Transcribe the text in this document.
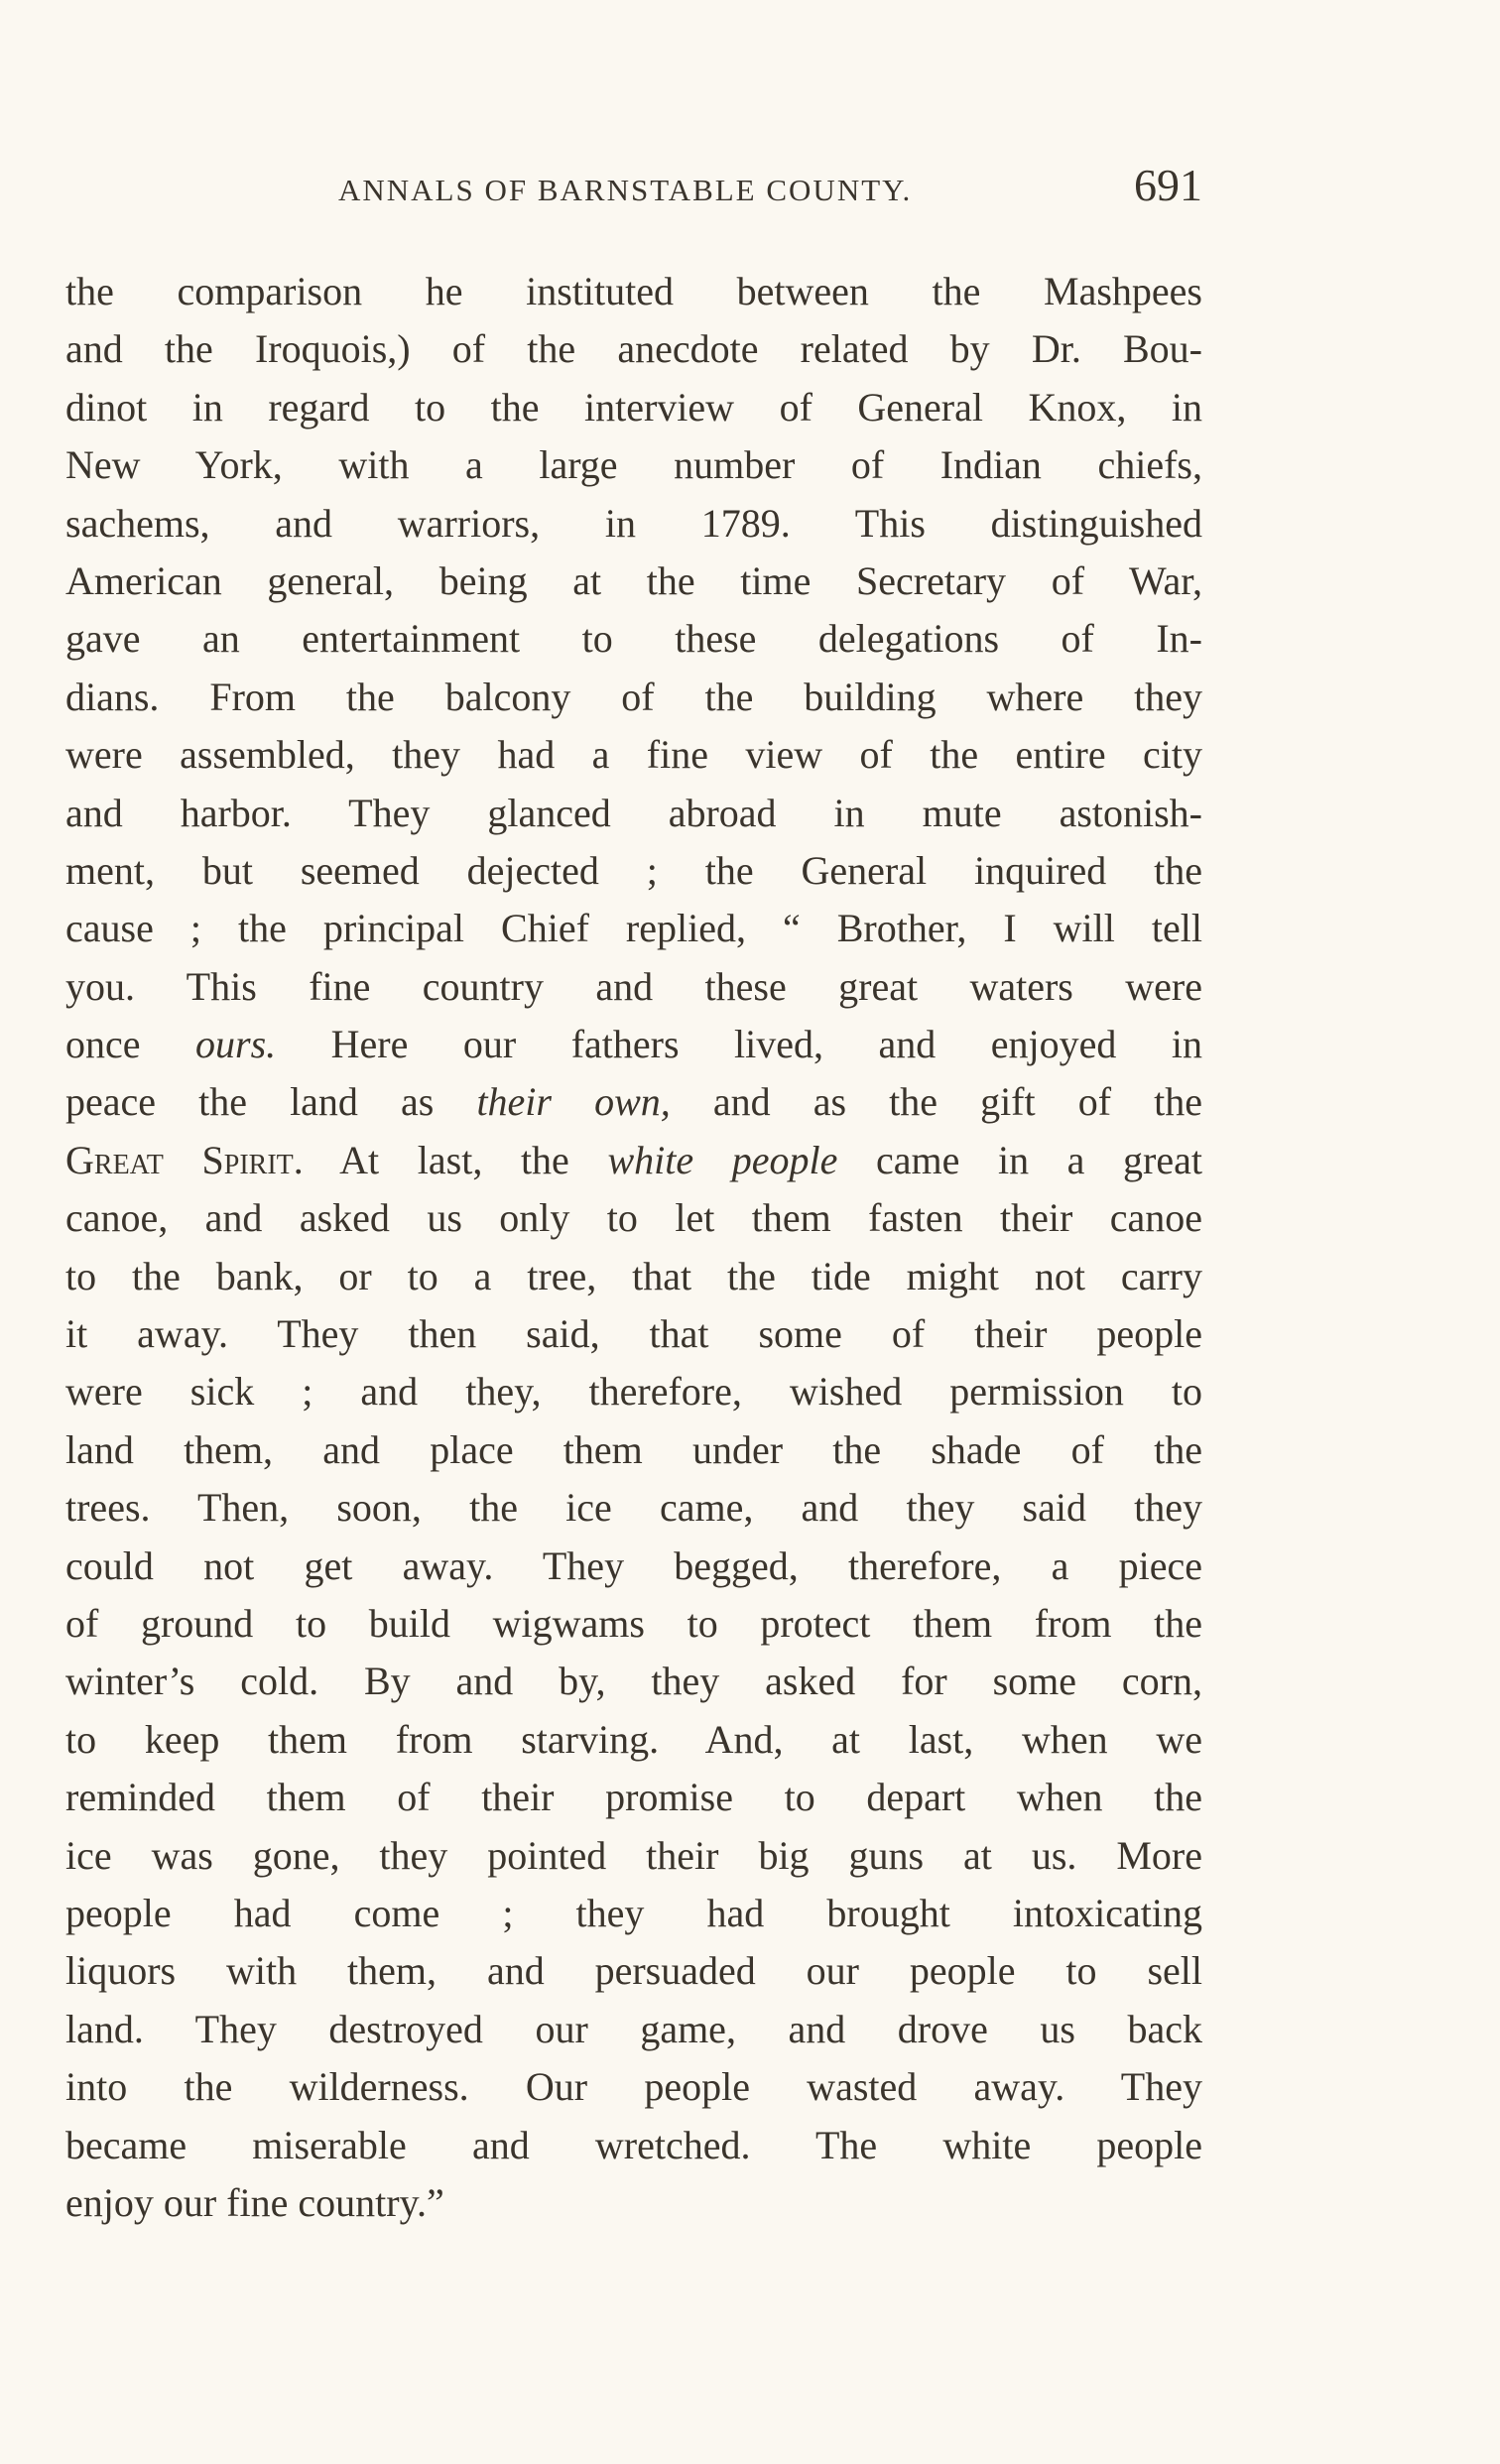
ANNALS OF BARNSTABLE COUNTY.	691
the comparison he instituted between the Mashpees
and the Iroquois,) of the anecdote related by Dr. Bou-
dinot in regard to the interview of General Knox, in
New York, with a large number of Indian chiefs,
sachems, and warriors, in 1789. This distinguished
American general, being at the time Secretary of War,
gave an entertainment to these delegations of In-
dians. From the balcony of the building where they
were assembled, they had a fine view of the entire city
and harbor. They glanced abroad in mute astonish-
ment, but seemed dejected ; the General inquired the
cause ; the principal Chief replied, “ Brother, I will tell
you. This fine country and these great waters were
once ours. Here our fathers lived, and enjoyed in
peace the land as their own, and as the gift of the
Great Spirit. At last, the white people came in a great
canoe, and asked us only to let them fasten their canoe
to the bank, or to a tree, that the tide might not carry
it away. They then said, that some of their people
were sick ; and they, therefore, wished permission to
land them, and place them under the shade of the
trees. Then, soon, the ice came, and they said they
could not get away. They begged, therefore, a piece
of ground to build wigwams to protect them from the
winter’s cold. By and by, they asked for some corn,
to keep them from starving. And, at last, when we
reminded them of their promise to depart when the
ice was gone, they pointed their big guns at us. More
people had come ; they had brought intoxicating
liquors with them, and persuaded our people to sell
land. They destroyed our game, and drove us back
into the wilderness. Our people wasted away. They
became miserable and wretched. The white people
enjoy our fine country.”
